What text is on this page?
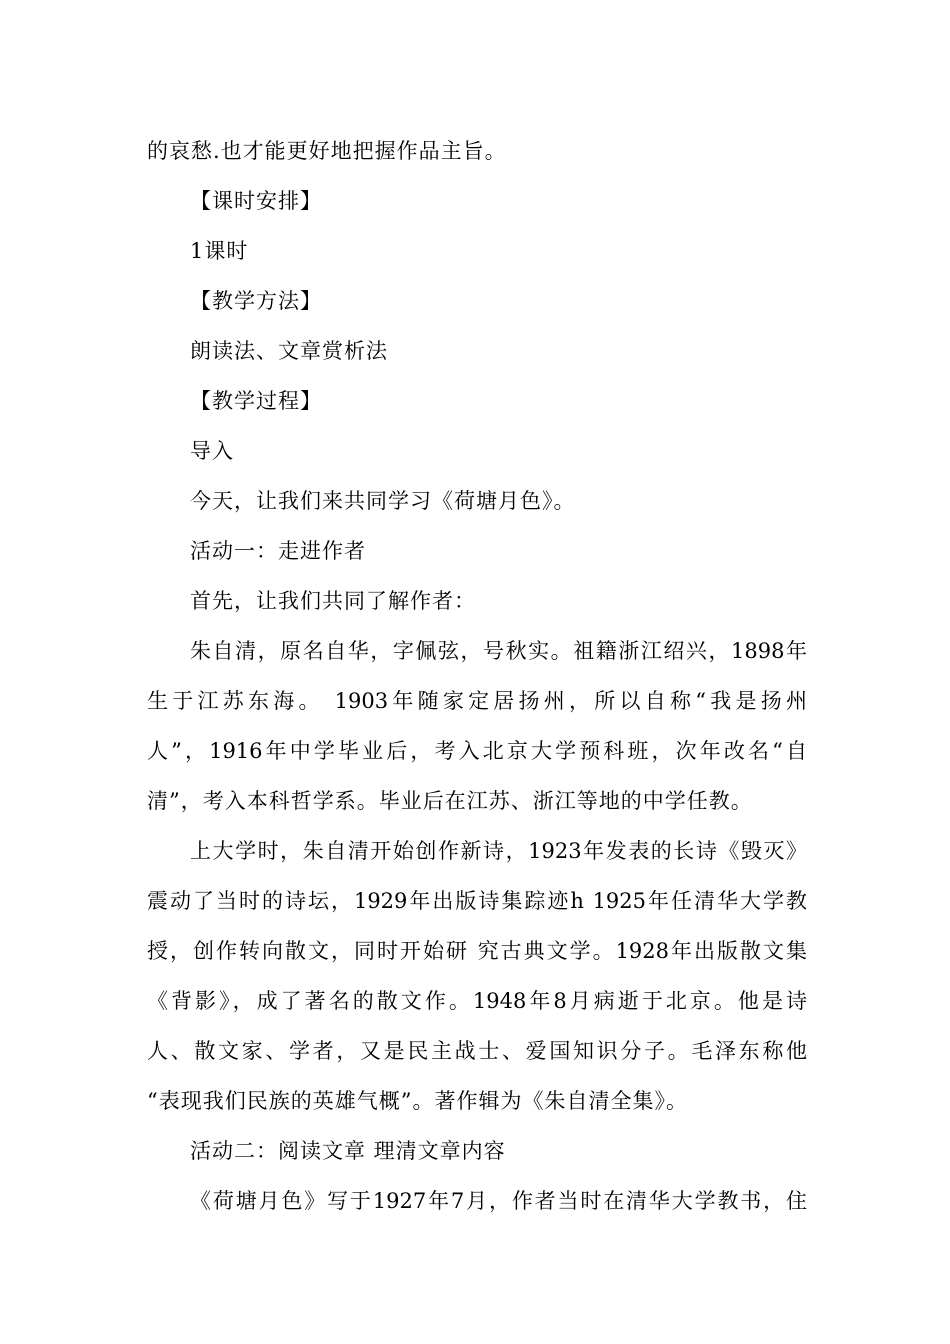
的哀愁.也才能更好地把握作品主旨。
【课时安排】
1课时
【教学方法】
朗读法、文章赏析法
【教学过程】
导入
今天，让我们来共同学习《荷塘月色》。
活动一：走进作者
首先，让我们共同了解作者：
朱自清，原名自华，字佩弦，号秋实。祖籍浙江绍兴，1898年
生于江苏东海。 1903年随家定居扬州，所以自称“我是扬州
人”，1916年中学毕业后，考入北京大学预科班，次年改名“自
清”，考入本科哲学系。毕业后在江苏、浙江等地的中学任教。
上大学时，朱自清开始创作新诗，1923年发表的长诗《毁灭》
震动了当时的诗坛，1929年出版诗集踪迹h 1925年任清华大学教
授，创作转向散文，同时开始研 究古典文学。1928年出版散文集
《背影》，成了著名的散文作。1948年8月病逝于北京。他是诗
人、散文家、学者，又是民主战士、爱国知识分子。毛泽东称他
“表现我们民族的英雄气概”。著作辑为《朱自清全集》。
活动二：阅读文章 理清文章内容
《荷塘月色》写于1927年7月，作者当时在清华大学教书，住
